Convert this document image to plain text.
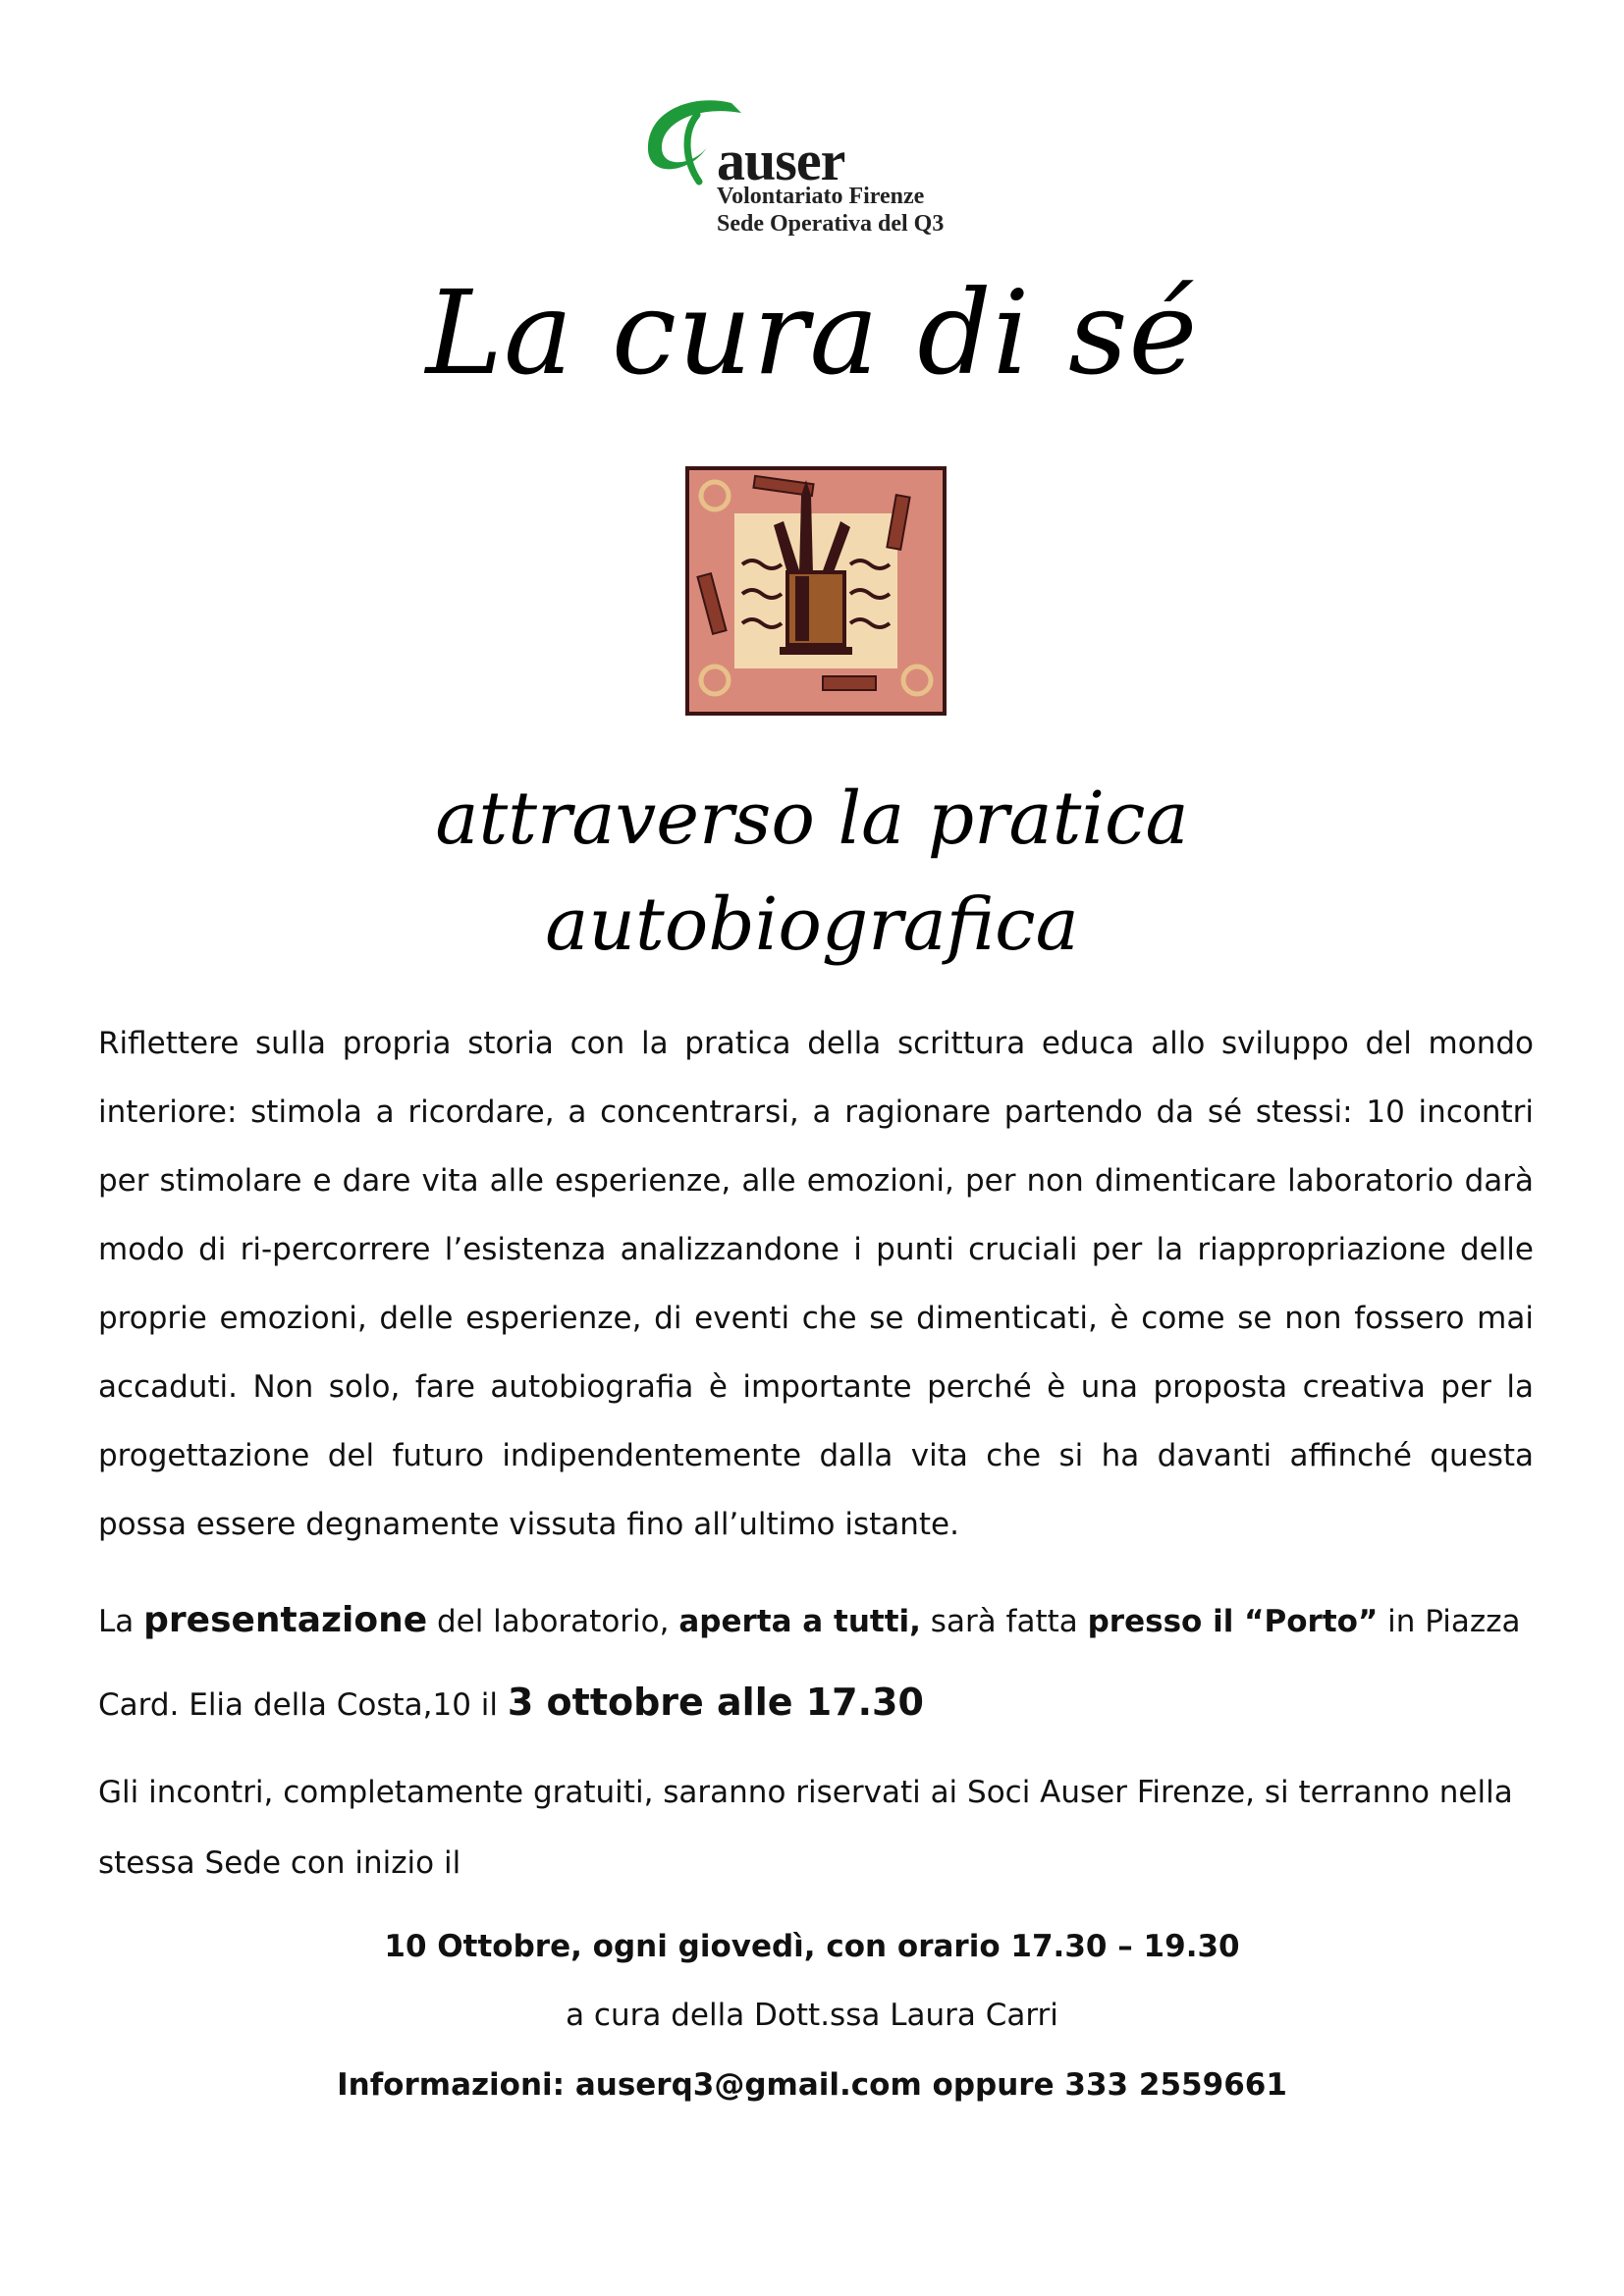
auser
Volontariato Firenze
Sede Operativa del Q3
La cura di sé
attraverso la pratica
autobiografica
Riflettere sulla propria storia con la pratica della scrittura educa allo sviluppo del mondo interiore: stimola a ricordare, a concentrarsi, a ragionare partendo da sé stessi: 10 incontri per stimolare e dare vita alle esperienze, alle emozioni, per non dimenticare laboratorio darà modo di ri-percorrere l’esistenza analizzandone i punti cruciali per la riappropriazione delle proprie emozioni, delle esperienze, di eventi che se dimenticati, è come se non fossero mai accaduti. Non solo, fare autobiografia è importante perché è una proposta creativa per la progettazione del futuro indipendentemente dalla vita che si ha davanti affinché questa possa essere degnamente vissuta fino all’ultimo istante.
La presentazione del laboratorio, aperta a tutti, sarà fatta presso il “Porto” in Piazza Card. Elia della Costa,10 il 3 ottobre alle 17.30
Gli incontri, completamente gratuiti, saranno riservati ai Soci Auser Firenze, si terranno nella stessa Sede con inizio il
10 Ottobre, ogni giovedì, con orario 17.30 – 19.30
a cura della Dott.ssa Laura Carri
Informazioni: auserq3@gmail.com oppure 333 2559661
